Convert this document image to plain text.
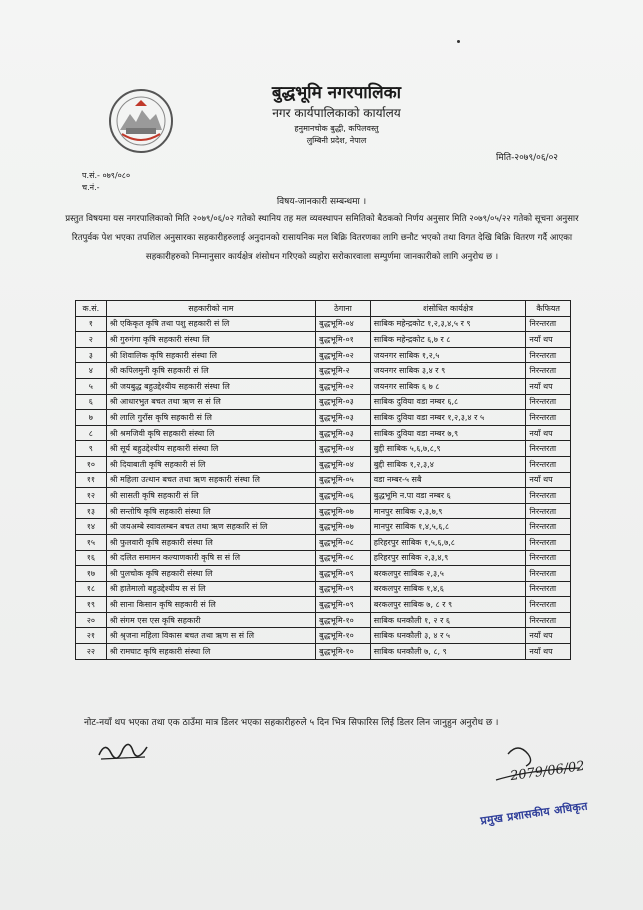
बुद्धभूमि नगरपालिका
नगर कार्यपालिकाको कार्यालय
हनुमानचोक बुद्धी, कपिलवस्तु
लुम्बिनी प्रदेश, नेपाल
मिति-२०७९/०६/०२
प.सं.- ०७९/०८०
च.नं.-
विषय-जानकारी सम्बन्धमा ।
प्रस्तुत विषयमा यस नगरपालिकाको मिति २०७९/०६/०२ गतेको स्थानिय तह मल व्यवस्थापन समितिको बैठकको निर्णय अनुसार मिति २०७९/०५/२२ गतेको सूचना अनुसार रितपुर्वक पेश भएका तपशिल अनुसारका सहकारीहरुलाई अनुदानको रासायनिक मल बिक्रि वितरणका लागि छनौट भएको तथा विगत देखि बिक्रि वितरण गर्दै आएका सहकारीहरुको निम्नानुसार कार्यक्षेत्र शंसोधन गरिएको व्यहोरा सरोकारवाला सम्पुर्णमा जानकारीको लागि अनुरोध छ ।
क.सं.	सहकारीको नाम	ठेगाना	शंसोधित कार्यक्षेत्र	कैफियत
१	श्री एकिकृत कृषि तथा पशु सहकारी सं लि	बुद्धभूमि-०४	साबिक महेन्द्रकोट १,२,३,४,५ र ९	निरन्तरता
२	श्री गुरुगंगा कृषि सहकारी संस्था लि	बुद्धभूमि-०१	साबिक महेन्द्रकोट ६,७ र ८	नयाँ थप
३	श्री शिवालिक कृषि सहकारी संस्था लि	बुद्धभूमि-०२	जयनगर साबिक १,२,५	निरन्तरता
४	श्री कपिलमुनी कृषि सहकारी सं लि	बुद्धभूमि-२	जयनगर साबिक ३,४ र ९	निरन्तरता
५	श्री जयबुद्ध बहुउद्देश्यीय सहकारी संस्था लि	बुद्धभूमि-०२	जयनगर साबिक ६ ७ ८	नयाँ थप
६	श्री आधारभुत बचत तथा ऋण स सं लि	बुद्धभूमि-०३	साबिक दुविया वडा नम्बर ६,८	निरन्तरता
७	श्री लालि गुराँस कृषि सहकारी सं लि	बुद्धभूमि-०३	साबिक दुविया वडा नम्बर १,२,३,४ र ५	निरन्तरता
८	श्री श्रमजिवी कृषि सहकारी संस्था लि	बुद्धभूमि-०३	साबिक दुविया वडा नम्बर ७,९	नयाँ थप
९	श्री सूर्य बहुउद्देश्यीय सहकारी संस्था लि	बुद्धभूमि-०४	बुद्दी साबिक ५,६,७,८,९	निरन्तरता
१०	श्री दियाबाती कृषि सहकारी सं लि	बुद्धभूमि-०४	बुद्दी साबिक १,२,३,४	निरन्तरता
११	श्री महिला उत्थान बचत तथा ऋण सहकारी संस्था लि	बुद्धभूमि-०५	वडा नम्बर-५ सबै	नयाँ थप
१२	श्री सासती कृषि सहकारी सं लि	बुद्धभूमि-०६	बुद्धभूमि न.पा वडा नम्बर ६	निरन्तरता
१३	श्री सन्तोषि कृषि सहकारी संस्था लि	बुद्धभूमि-०७	मानपुर साबिक २,३,७,९	निरन्तरता
१४	श्री जयअम्बे स्वावलम्बन बचत तथा ऋण सहकारि सं लि	बुद्धभूमि-०७	मानपुर साबिक १,४,५,६,८	निरन्तरता
१५	श्री फुलवारी कृषि सहकारी संस्था लि	बुद्धभूमि-०८	हरिहरपुर साबिक १,५,६,७,८	निरन्तरता
१६	श्री दलित समामन कल्याणकारी कृषि स सं लि	बुद्धभूमि-०८	हरिहरपुर साबिक २,३,४,९	निरन्तरता
१७	श्री पुलचोक कृषि सहकारी संस्था लि	बुद्धभूमि-०९	बरकलपुर साबिक २,३,५	निरन्तरता
१८	श्री हातेमालो बहुउद्देश्यीय स सं लि	बुद्धभूमि-०९	बरकलपुर साबिक १,४,६	निरन्तरता
१९	श्री साना किसान कृषि सहकारी सं लि	बुद्धभूमि-०९	बरकलपुर साबिक ७, ८ र ९	निरन्तरता
२०	श्री संगम एस एस कृषि सहकारी	बुद्धभूमि-१०	साबिक धनकौली १, २ र ६	निरन्तरता
२१	श्री श्रृजना महिला विकास बचत तथा ऋण स सं लि	बुद्धभूमि-१०	साबिक धनकौली ३, ४ र ५	नयाँ थप
२२	श्री रामघाट कृषि सहकारी संस्था लि	बुद्धभूमि-१०	साबिक धनकौली ७, ८, ९	नयाँ थप
नोट-नयाँ थप भएका तथा एक ठाउँमा मात्र डिलर भएका सहकारीहरुले ५ दिन भित्र सिफारिस लिई डिलर लिन जानुहुन अनुरोध छ ।
2079/06/02
प्रमुख प्रशासकीय अधिकृत
